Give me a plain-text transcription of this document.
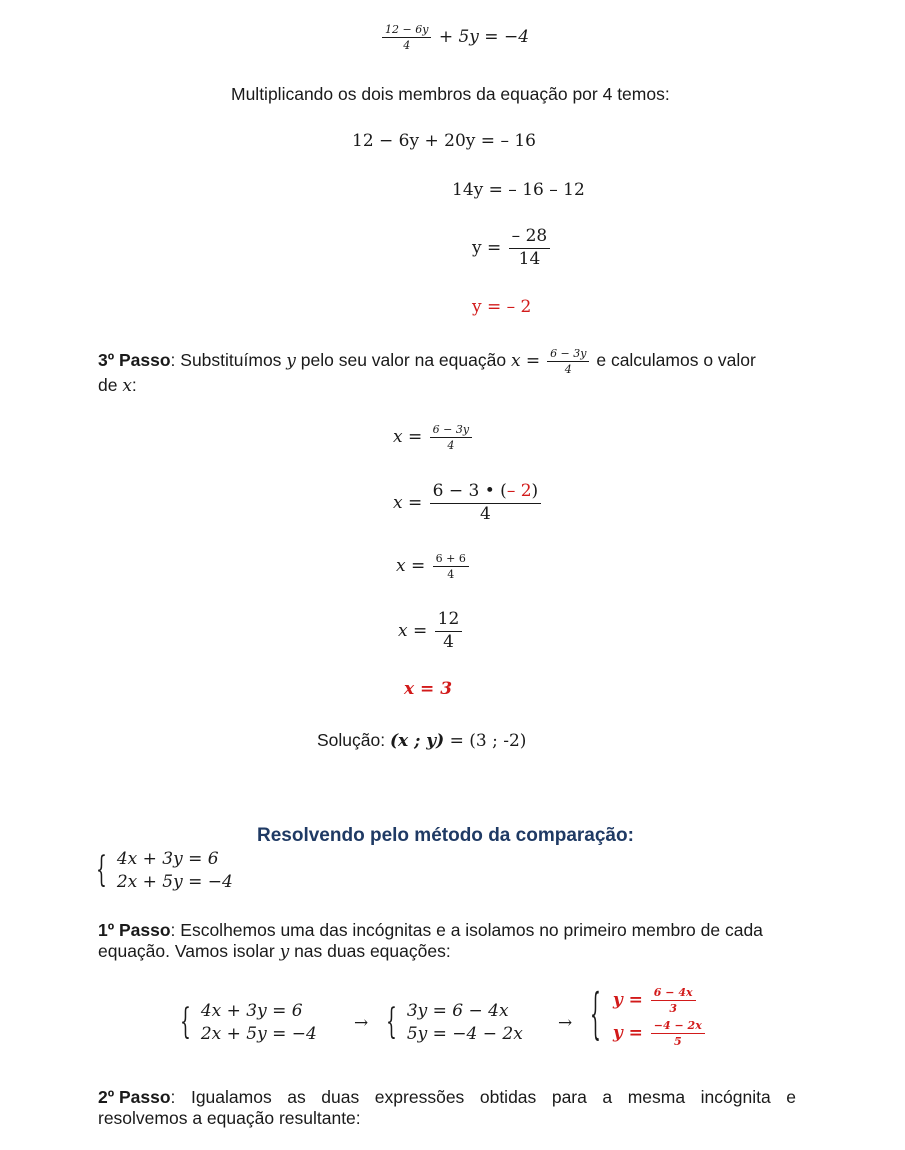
$\frac{12 - 6y}{4} + 5y = -4$
Multiplicando os dois membros da equação por 4 temos:
12 − 6y + 20y = – 16
14y = – 16 – 12
$y = \frac{- 28}{14}$
y = – 2
3º Passo: Substituímos y pelo seu valor na equação $x = \frac{6 - 3y}{4}$ e calculamos o valor
de x:
$x = \frac{6 - 3y}{4}$
$x = \frac{6 - 3 • (- 2)}{4}$
$x = \frac{6 + 6}{4}$
$x = \frac{12}{4}$
x = 3
Solução: (x ; y) = (3 ; -2)
Resolvendo pelo método da comparação:
{ 4x + 3y = 6
2x + 5y = −4
1º Passo: Escolhemos uma das incógnitas e a isolamos no primeiro membro de cada
equação. Vamos isolar y nas duas equações:
{ 4x + 3y = 6
2x + 5y = −4
→ { 3y = 6 − 4x
5y = −4 − 2x
→ { $y = \frac{6 - 4x}{3}$
$y = \frac{-4 - 2x}{5}$
2º Passo : Igualamos as duas expressões obtidas para a mesma incógnita e
resolvemos a equação resultante:
